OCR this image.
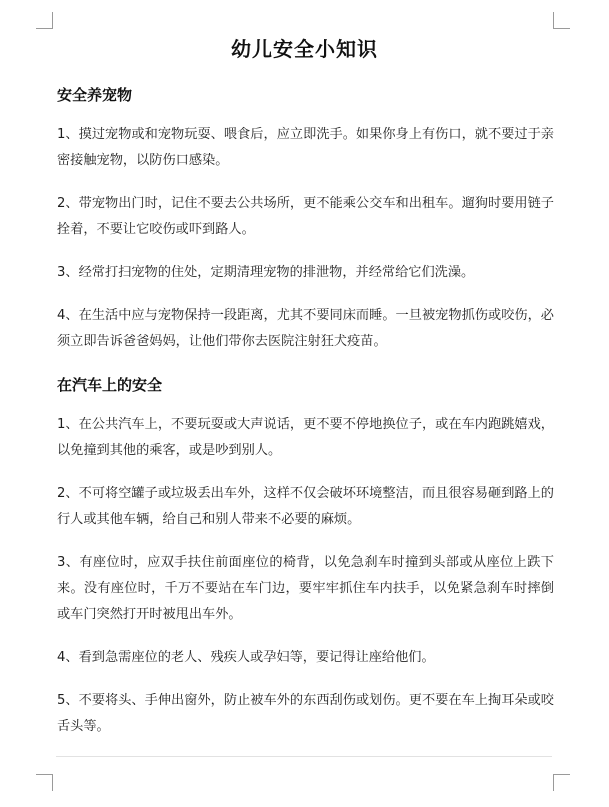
幼儿安全小知识

安全养宠物

1、摸过宠物或和宠物玩耍、喂食后，应立即洗手。如果你身上有伤口，就不要过于亲密接触宠物，以防伤口感染。

2、带宠物出门时，记住不要去公共场所，更不能乘公交车和出租车。遛狗时要用链子拴着，不要让它咬伤或吓到路人。

3、经常打扫宠物的住处，定期清理宠物的排泄物，并经常给它们洗澡。

4、在生活中应与宠物保持一段距离，尤其不要同床而睡。一旦被宠物抓伤或咬伤，必须立即告诉爸爸妈妈，让他们带你去医院注射狂犬疫苗。

在汽车上的安全

1、在公共汽车上，不要玩耍或大声说话，更不要不停地换位子，或在车内跑跳嬉戏，以免撞到其他的乘客，或是吵到别人。

2、不可将空罐子或垃圾丢出车外，这样不仅会破坏环境整洁，而且很容易砸到路上的行人或其他车辆，给自己和别人带来不必要的麻烦。

3、有座位时，应双手扶住前面座位的椅背，以免急刹车时撞到头部或从座位上跌下来。没有座位时，千万不要站在车门边，要牢牢抓住车内扶手，以免紧急刹车时摔倒或车门突然打开时被甩出车外。

4、看到急需座位的老人、残疾人或孕妇等，要记得让座给他们。

5、不要将头、手伸出窗外，防止被车外的东西刮伤或划伤。更不要在车上掏耳朵或咬舌头等。
